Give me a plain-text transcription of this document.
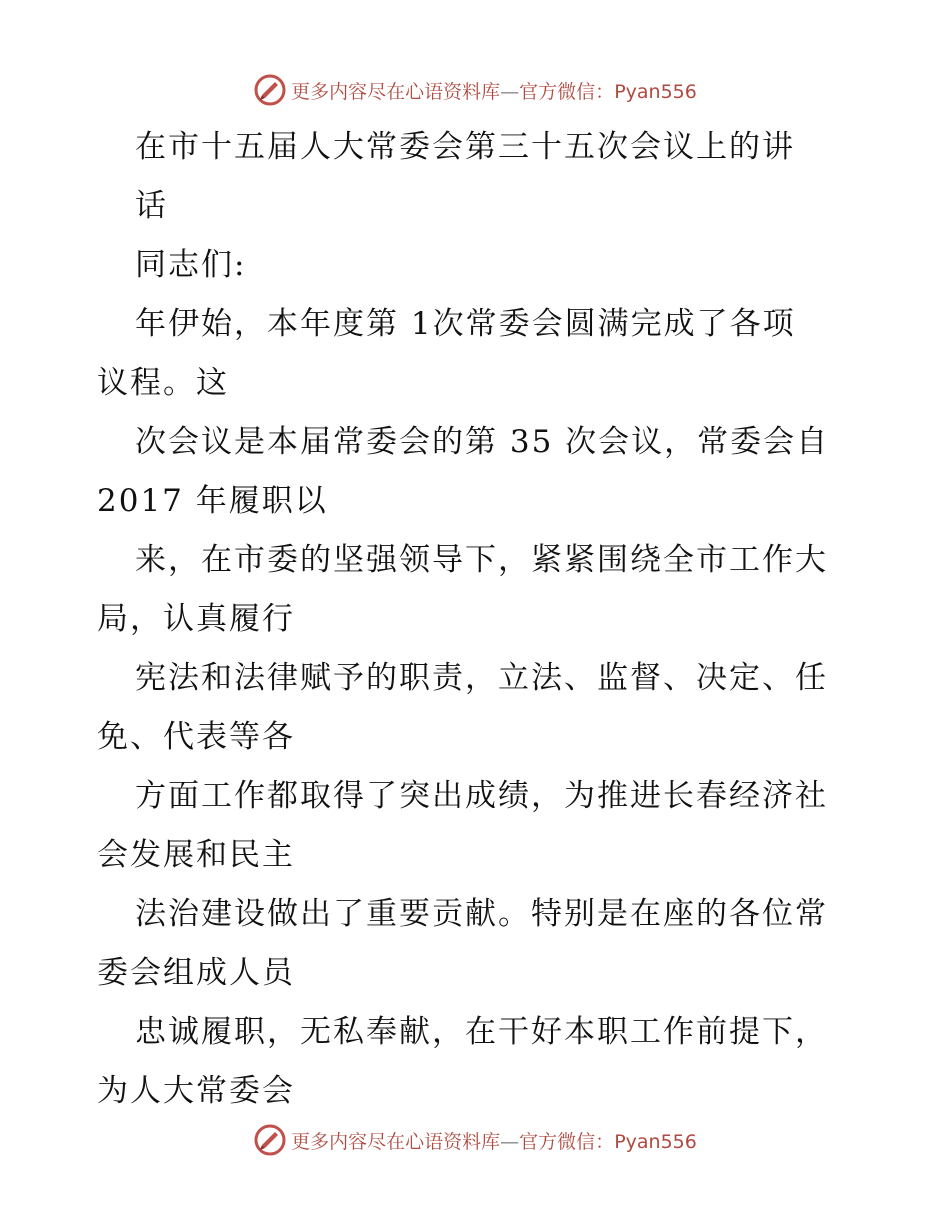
更多内容尽在心语资料库—官方微信：Pyan556
在市十五届人大常委会第三十五次会议上的讲
话
同志们:
年伊始，本年度第 1次常委会圆满完成了各项
议程。这
次会议是本届常委会的第 35 次会议，常委会自
2017 年履职以
来，在市委的坚强领导下，紧紧围绕全市工作大
局，认真履行
宪法和法律赋予的职责，立法、监督、决定、任
免、代表等各
方面工作都取得了突出成绩，为推进长春经济社
会发展和民主
法治建设做出了重要贡献。特别是在座的各位常
委会组成人员
忠诚履职，无私奉献，在干好本职工作前提下，
为人大常委会
更多内容尽在心语资料库—官方微信：Pyan556
